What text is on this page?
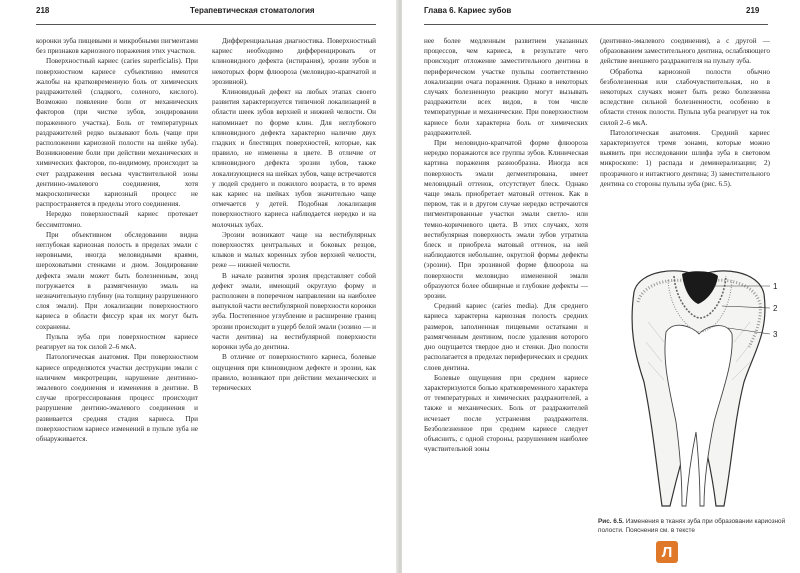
218	Терапевтическая стоматология

коронки зуба пищевыми и микробными пигментами без признаков кариозного поражения этих участков.

Поверхностный кариес (caries superficialis). При поверхностном кариесе субъективно имеются жалобы на кратковременную боль от химических раздражителей (сладкого, соленого, кислого). Возможно появление боли от механических факторов (при чистке зубов, зондировании пораженного участка). Боль от температурных раздражителей редко вызывают боль (чаще при расположении кариозной полости на шейке зуба). Возникновение боли при действии механических и химических факторов, по-видимому, происходит за счет раздражения весьма чувствительной зоны дентинно-эмалевого соединения, хотя макроскопически кариозный процесс не распространяется в пределы этого соединения.

Нередко поверхностный кариес протекает бессимптомно.

При объективном обследовании видна неглубокая кариозная полость в пределах эмали с неровными, иногда меловидными краями, шероховатыми стенками и дном. Зондирование дефекта эмали может быть болезненным, зонд погружается в размягченную эмаль на незначительную глубину (на толщину разрушенного слоя эмали). При локализации поверхностного кариеса в области фиссур края их могут быть сохранены.

Пульпа зуба при поверхностном кариесе реагирует на ток силой 2–6 мкА.

Патологическая анатомия. При поверхностном кариесе определяются участки деструкции эмали с наличием микротрещин, нарушение дентинно-эмалевого соединения и изменения в дентине. В случае прогрессирования процесс происходит разрушение дентино-эмалевого соединения и развивается средняя стадия кариеса. При поверхностном кариесе изменений в пульпе зуба не обнаруживается.

Дифференциальная диагностика. Поверхностный кариес необходимо дифференцировать от клиновидного дефекта (истирания), эрозии зубов и некоторых форм флюороза (меловидно-крапчатой и эрозивной).

Клиновидный дефект на любых этапах своего развития характеризуется типичной локализацией в области шеек зубов верхней и нижней челюсти. Он напоминает по форме клин. Для неглубокого клиновидного дефекта характерно наличие двух гладких и блестящих поверхностей, которые, как правило, не изменены в цвете. В отличие от клиновидного дефекта эрозии зубов, также локализующиеся на шейках зубов, чаще встречаются у людей среднего и пожилого возраста, в то время как кариес на шейках зубов значительно чаще отмечается у детей. Подобная локализация поверхностного кариеса наблюдается нередко и на молочных зубах.

Эрозии возникают чаще на вестибулярных поверхностях центральных и боковых резцов, клыков и малых коренных зубов верхней челюсти, реже — нижней челюсти.

В начале развития эрозия представляет собой дефект эмали, имеющий округлую форму и расположен в поперечном направлении на наиболее выпуклой части вестибулярной поверхности коронки зуба. Постепенное углубление и расширение границ эрозии происходит в ущерб белой эмали (эозино — и части дентина) на вестибулярной поверхности коронки зуба до дентина.

В отличие от поверхностного кариеса, болевые ощущения при клиновидном дефекте и эрозии, как правило, возникают при действии механических и термических

Глава 6. Кариес зубов	219

нее более медленным развитием указанных процессов, чем кариеса, в результате чего происходит отложение заместительного дентина в периферическом участке пульпы соответственно локализации очага поражения. Однако в некоторых случаях болезненную реакцию могут вызывать раздражители всех видов, в том числе температурные и механические. При поверхностном кариесе боли характерна боль от химических раздражителей.

При меловидно-крапчатой форме флюороза нередко поражаются все группы зубов. Клиническая картина поражения разнообразна. Иногда вся поверхность эмали дегментирована, имеет меловидный оттенок, отсутствует блеск. Однако чаще эмаль приобретает матовый оттенок. Как в первом, так и в другом случае нередко встречаются пигментированные участки эмали светло- или темно-коричневого цвета. В этих случаях, хотя вестибулярная поверхность эмали зубов утратила блеск и приобрела матовый оттенок, на ней наблюдаются небольшие, округлой формы дефекты (эрозии). При эрозивной форме флюороза на поверхности меловидно измененной эмали образуются более обширные и глубокие дефекты — эрозии.

Средний кариес (caries media). Для среднего кариеса характерна кариозная полость средних размеров, заполненная пищевыми остатками и размягченным дентином, после удаления которого дно ощущается твердое дно и стенки. Дно полости располагается в пределах периферических и средних слоев дентина.

Болевые ощущения при среднем кариесе характеризуются болью кратковременного характера от температурных и химических раздражителей, а также и механических. Боль от раздражителей исчезает после устранения раздражителя. Безболезненное при среднем кариесе следует объяснить, с одной стороны, разрушением наиболее чувствительной зоны

(дентинно-эмалевого соединения), а с другой — образованием заместительного дентина, ослабляющего действие внешнего раздражителя на пульпу зуба.

Обработка кариозной полости обычно безболезненная или слабочувствительная, но в некоторых случаях может быть резко болезненна вследствие сильной болезненности, особенно в области стенок полости. Пульпа зуба реагирует на ток силой 2–6 мкА.

Патологическая анатомия. Средний кариес характеризуется тремя зонами, которые можно выявить при исследовании шлифа зуба в световом микроскопе: 1) распада и деминерализации; 2) прозрачного и интактного дентина; 3) заместительного дентина со стороны пульпы зуба (рис. 6.5).

1
2
3
Рис. 6.5. Изменения в тканях зуба при образовании кариозной полости. Пояснения см. в тексте
Л
